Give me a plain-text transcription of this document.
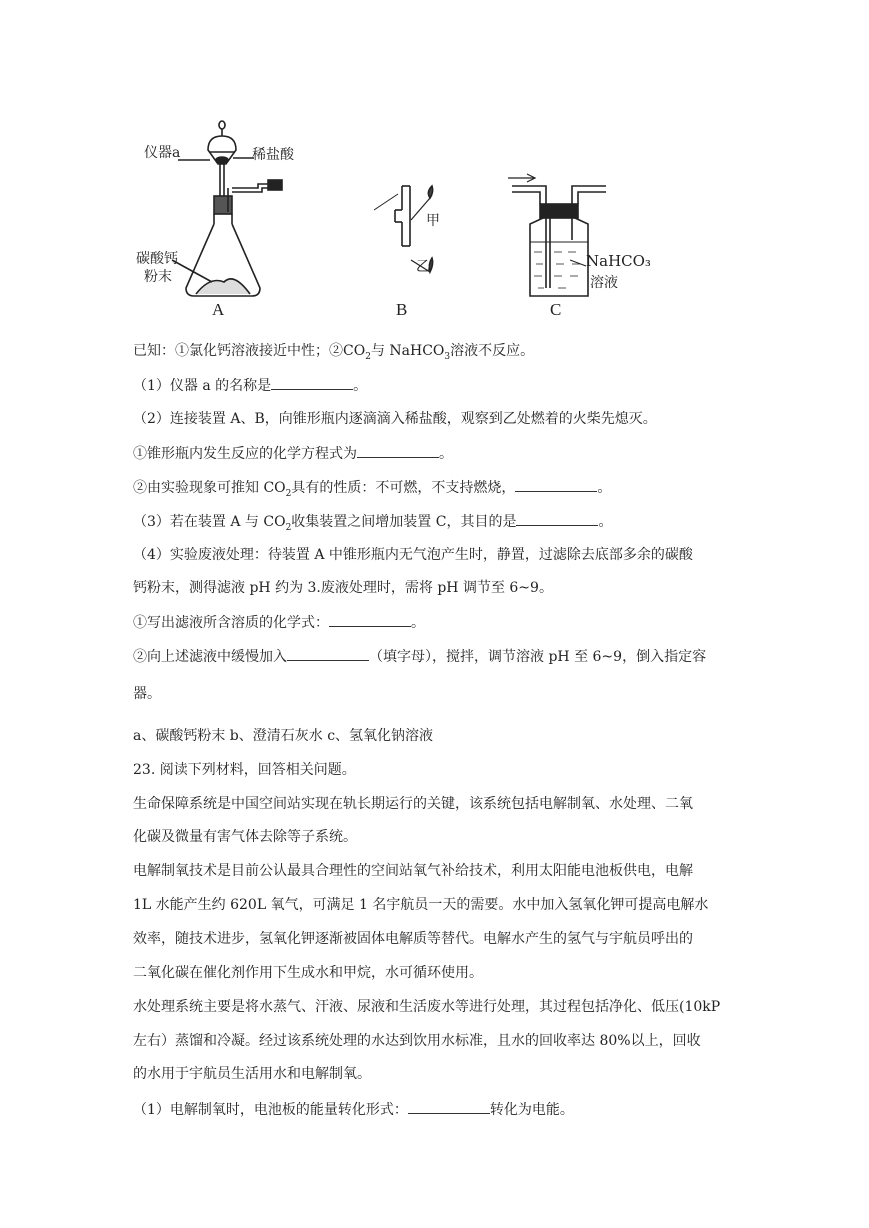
仪器a	稀盐酸
碳酸钙
粉末
A
甲
乙
B
NaHCO₃
溶液
C
已知：①氯化钙溶液接近中性；$②CO_2$与 NaHCO$_3$溶液不反应。
（1）仪器 a 的名称是	。
（2）连接装置 A、B，向锥形瓶内逐滴滴入稀盐酸，观察到乙处燃着的火柴先熄灭。
①锥形瓶内发生反应的化学方程式为	。
②由实验现象可推知 $CO_2$具有的性质：不可燃，不支持燃烧，	。
（3）若在装置 A 与 $CO_2$收集装置之间增加装置 C，其目的是	。
（4）实验废液处理：待装置 A 中锥形瓶内无气泡产生时，静置，过滤除去底部多余的碳酸
钙粉末，测得滤液 pH 约为 3.废液处理时，需将 pH 调节至 6~9。
①写出滤液所含溶质的化学式：	。
②向上述滤液中缓慢加入	（填字母），搅拌，调节溶液 pH 至 6~9，倒入指定容
器。
a、碳酸钙粉末 b、澄清石灰水 c、氢氧化钠溶液
23. 阅读下列材料，回答相关问题。
生命保障系统是中国空间站实现在轨长期运行的关键，该系统包括电解制氧、水处理、二氧
化碳及微量有害气体去除等子系统。
电解制氧技术是目前公认最具合理性的空间站氧气补给技术，利用太阳能电池板供电，电解
1L 水能产生约 620L 氧气，可满足 1 名宇航员一天的需要。水中加入氢氧化钾可提高电解水
效率，随技术进步，氢氧化钾逐渐被固体电解质等替代。电解水产生的氢气与宇航员呼出的
二氧化碳在催化剂作用下生成水和甲烷，水可循环使用。
水处理系统主要是将水蒸气、汗液、尿液和生活废水等进行处理，其过程包括净化、低压(10kP
左右）蒸馏和冷凝。经过该系统处理的水达到饮用水标准，且水的回收率达 80%以上，回收
的水用于宇航员生活用水和电解制氧。
（1）电解制氧时，电池板的能量转化形式：	转化为电能。
